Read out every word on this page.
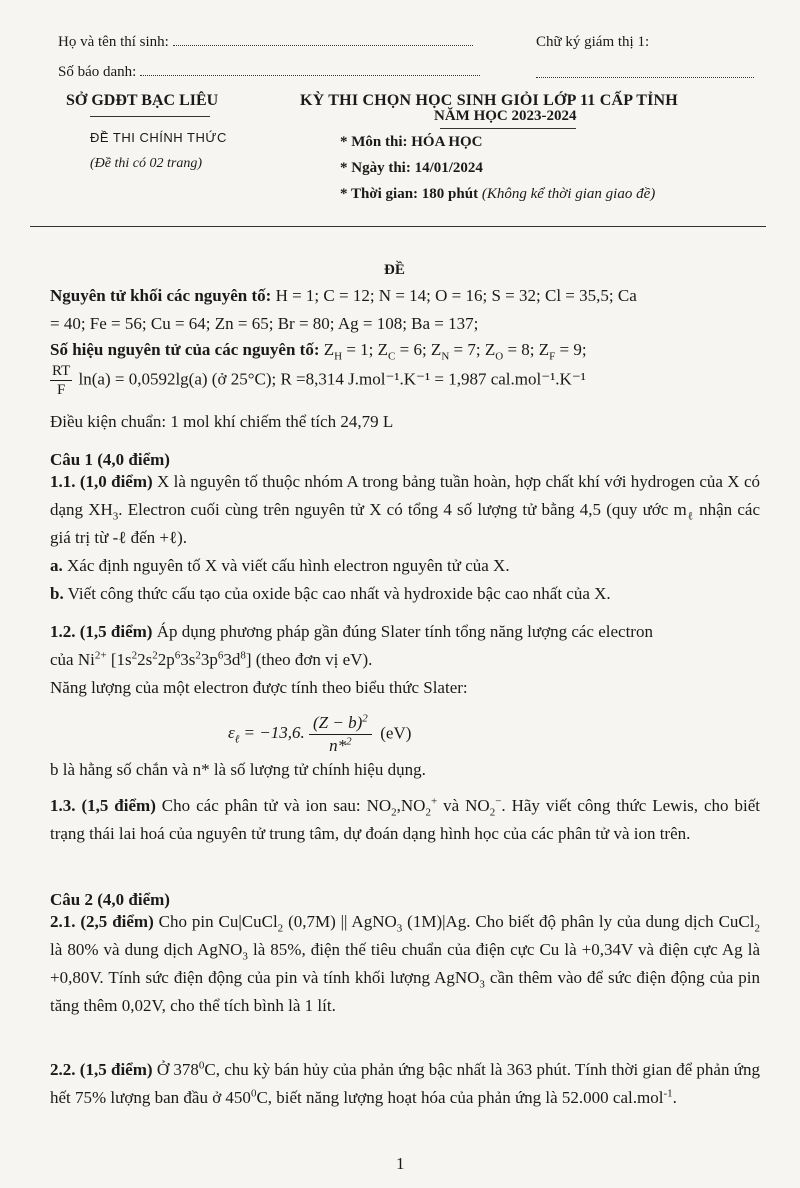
Họ và tên thí sinh:	Chữ ký giám thị 1:
Số báo danh:
SỞ GDĐT BẠC LIÊU
ĐỀ THI CHÍNH THỨC
(Đề thi có 02 trang)
KỲ THI CHỌN HỌC SINH GIỎI LỚP 11 CẤP TỈNH
NĂM HỌC 2023-2024
* Môn thi: HÓA HỌC
* Ngày thi: 14/01/2024
* Thời gian: 180 phút (Không kể thời gian giao đề)
ĐỀ
Nguyên tử khối các nguyên tố: H = 1; C = 12; N = 14; O = 16; S = 32; Cl = 35,5; Ca
= 40; Fe = 56; Cu = 64; Zn = 65; Br = 80; Ag = 108; Ba = 137;
Số hiệu nguyên tử của các nguyên tố: $Z_H = 1$; $Z_C = 6$; $Z_N = 7$; $Z_O = 8$; $Z_F = 9$;
$\frac{RT}{F} \ln(a) = 0,0592\lg(a)$ (ở 25°C); R =8,314 J.mol⁻¹.K⁻¹ = 1,987 cal.mol⁻¹.K⁻¹
Điều kiện chuẩn: 1 mol khí chiếm thể tích 24,79 L
Câu 1 (4,0 điểm)
1.1. (1,0 điểm) X là nguyên tố thuộc nhóm A trong bảng tuần hoàn, hợp chất khí với hydrogen của X có dạng $XH_3$. Electron cuối cùng trên nguyên tử X có tổng 4 số lượng tử bằng 4,5 (quy ước $m_\ell$ nhận các giá trị từ -ℓ đến +ℓ).
a. Xác định nguyên tố X và viết cấu hình electron nguyên tử của X.
b. Viết công thức cấu tạo của oxide bậc cao nhất và hydroxide bậc cao nhất của X.
1.2. (1,5 điểm) Áp dụng phương pháp gần đúng Slater tính tổng năng lượng các electron
của $Ni^{2+}$ $[1s^22s^22p^63s^23p^63d^8]$ (theo đơn vị eV).
Năng lượng của một electron được tính theo biểu thức Slater:
$\varepsilon_\ell = -13,6$. $\frac{(Z - b)^2}{n*^2} (eV)$
b là hằng số chắn và n* là số lượng tử chính hiệu dụng.
1.3. (1,5 điểm) Cho các phân tử và ion sau: $NO_2,NO_2^+$ và $NO_2^-$. Hãy viết công thức Lewis, cho biết trạng thái lai hoá của nguyên tử trung tâm, dự đoán dạng hình học của các phân tử và ion trên.
Câu 2 (4,0 điểm)
2.1. (2,5 điểm) Cho pin Cu|CuCl$_2$ (0,7M) || AgNO$_3$ (1M)|Ag. Cho biết độ phân ly của dung dịch CuCl$_2$ là 80% và dung dịch AgNO$_3$ là 85%, điện thế tiêu chuẩn của điện cực Cu là +0,34V và điện cực Ag là +0,80V. Tính sức điện động của pin và tính khối lượng AgNO$_3$ cần thêm vào để sức điện động của pin tăng thêm 0,02V, cho thể tích bình là 1 lít.
2.2. (1,5 điểm) Ở $378^0C$, chu kỳ bán hủy của phản ứng bậc nhất là 363 phút. Tính thời gian để phản ứng hết 75% lượng ban đầu ở $450^0C$, biết năng lượng hoạt hóa của phản ứng là 52.000 cal.mol$^{-1}$.
1
